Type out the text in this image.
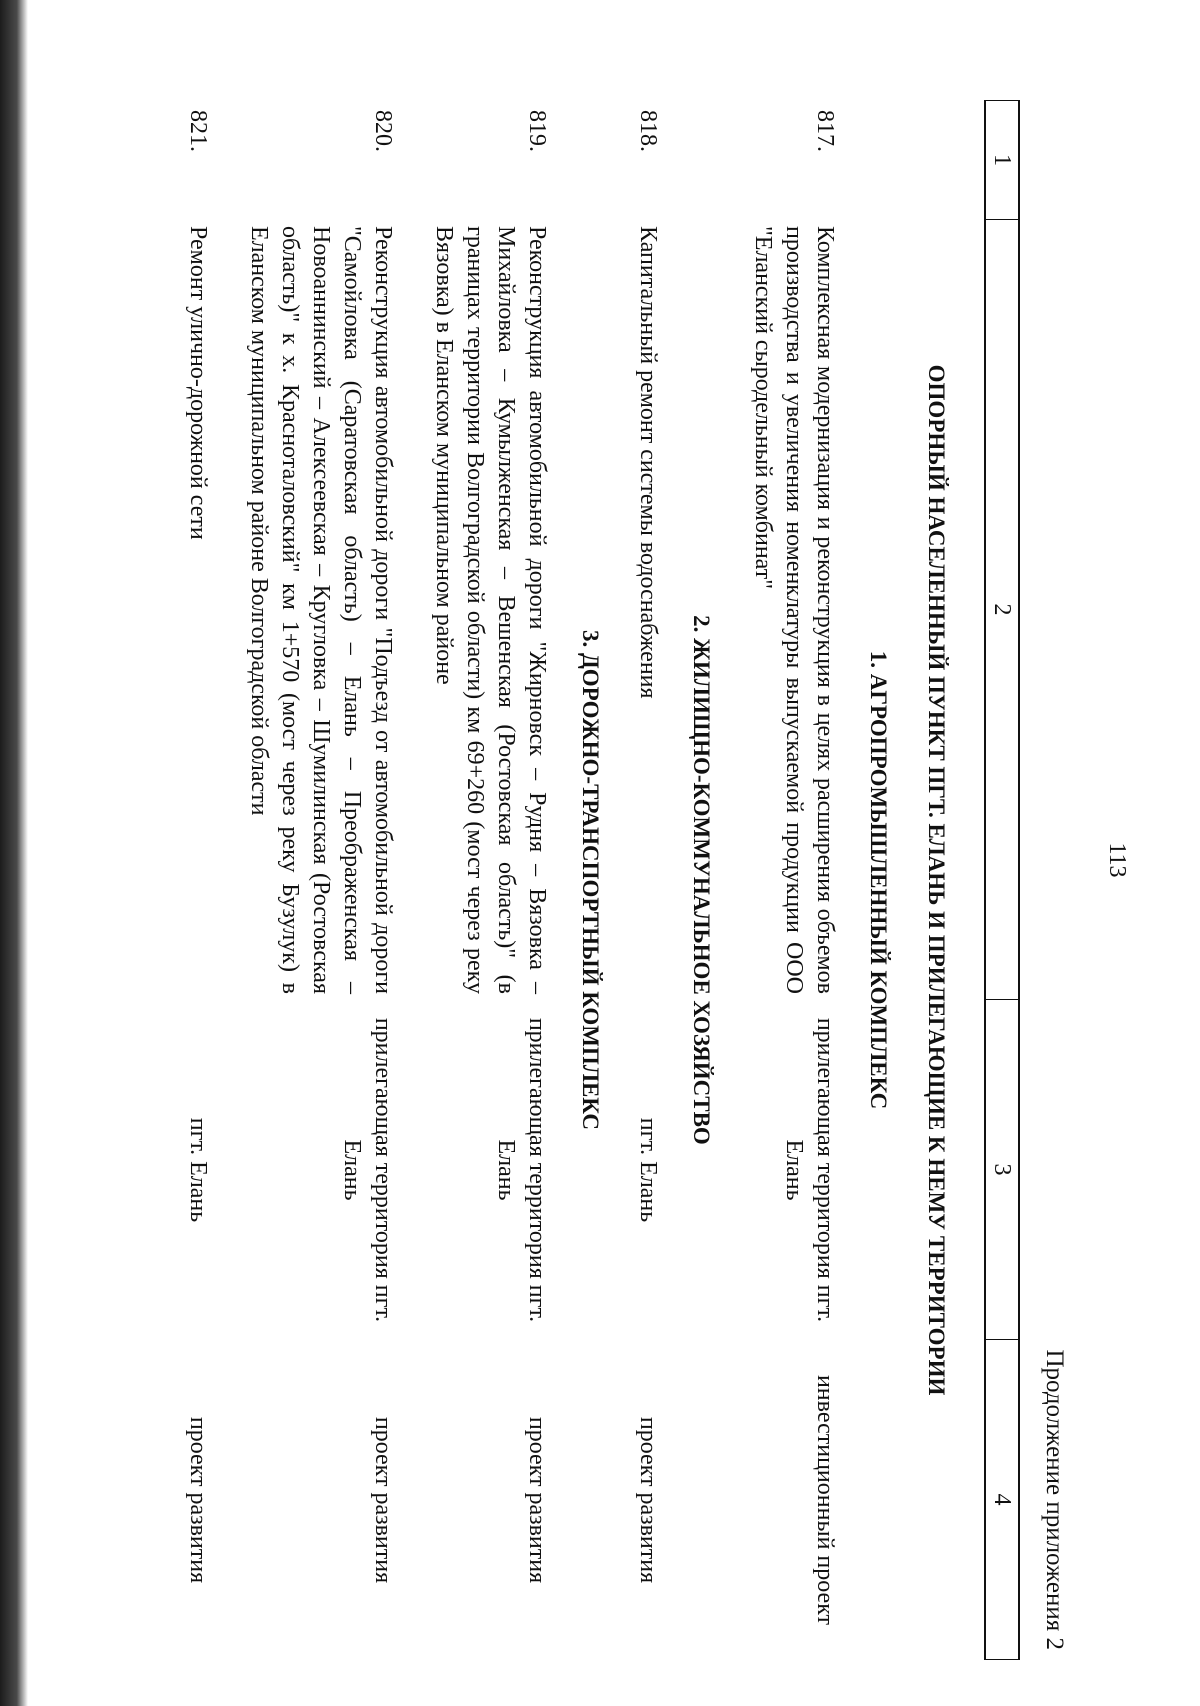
113
Продолжение приложения 2
1
2
3
4

ОПОРНЫЙ НАСЕЛЕННЫЙ ПУНКТ ПГТ. ЕЛАНЬ И ПРИЛЕГАЮЩИЕ К НЕМУ ТЕРРИТОРИИ

1. АГРОПРОМЫШЛЕННЫЙ КОМПЛЕКС

817.
Комплексная модернизация и реконструкция в целях расширения объемов производства и увеличения номенклатуры выпускаемой продукции ООО "Еланский сыродельный комбинат"
прилегающая территория пгт. Елань
инвестиционный проект

2. ЖИЛИЩНО-КОММУНАЛЬНОЕ ХОЗЯЙСТВО

818.
Капитальный ремонт системы водоснабжения
пгт. Елань
проект развития

3. ДОРОЖНО-ТРАНСПОРТНЫЙ КОМПЛЕКС

819.
Реконструкция автомобильной дороги "Жирновск – Рудня – Вязовка – Михайловка – Кумылженская – Вешенская (Ростовская область)" (в границах территории Волгоградской области) км 69+260 (мост через реку Вязовка) в Еланском муниципальном районе
прилегающая территория пгт. Елань
проект развития
820.
Реконструкция автомобильной дороги "Подъезд от автомобильной дороги "Самойловка (Саратовская область) – Елань – Преображенская – Новоаннинский – Алексеевская – Кругловка – Шумилинская (Ростовская область)" к х. Красноталовский" км 1+570 (мост через реку Бузулук) в Еланском муниципальном районе Волгоградской области
прилегающая территория пгт. Елань
проект развития
821.
Ремонт улично-дорожной сети
пгт. Елань
проект развития
